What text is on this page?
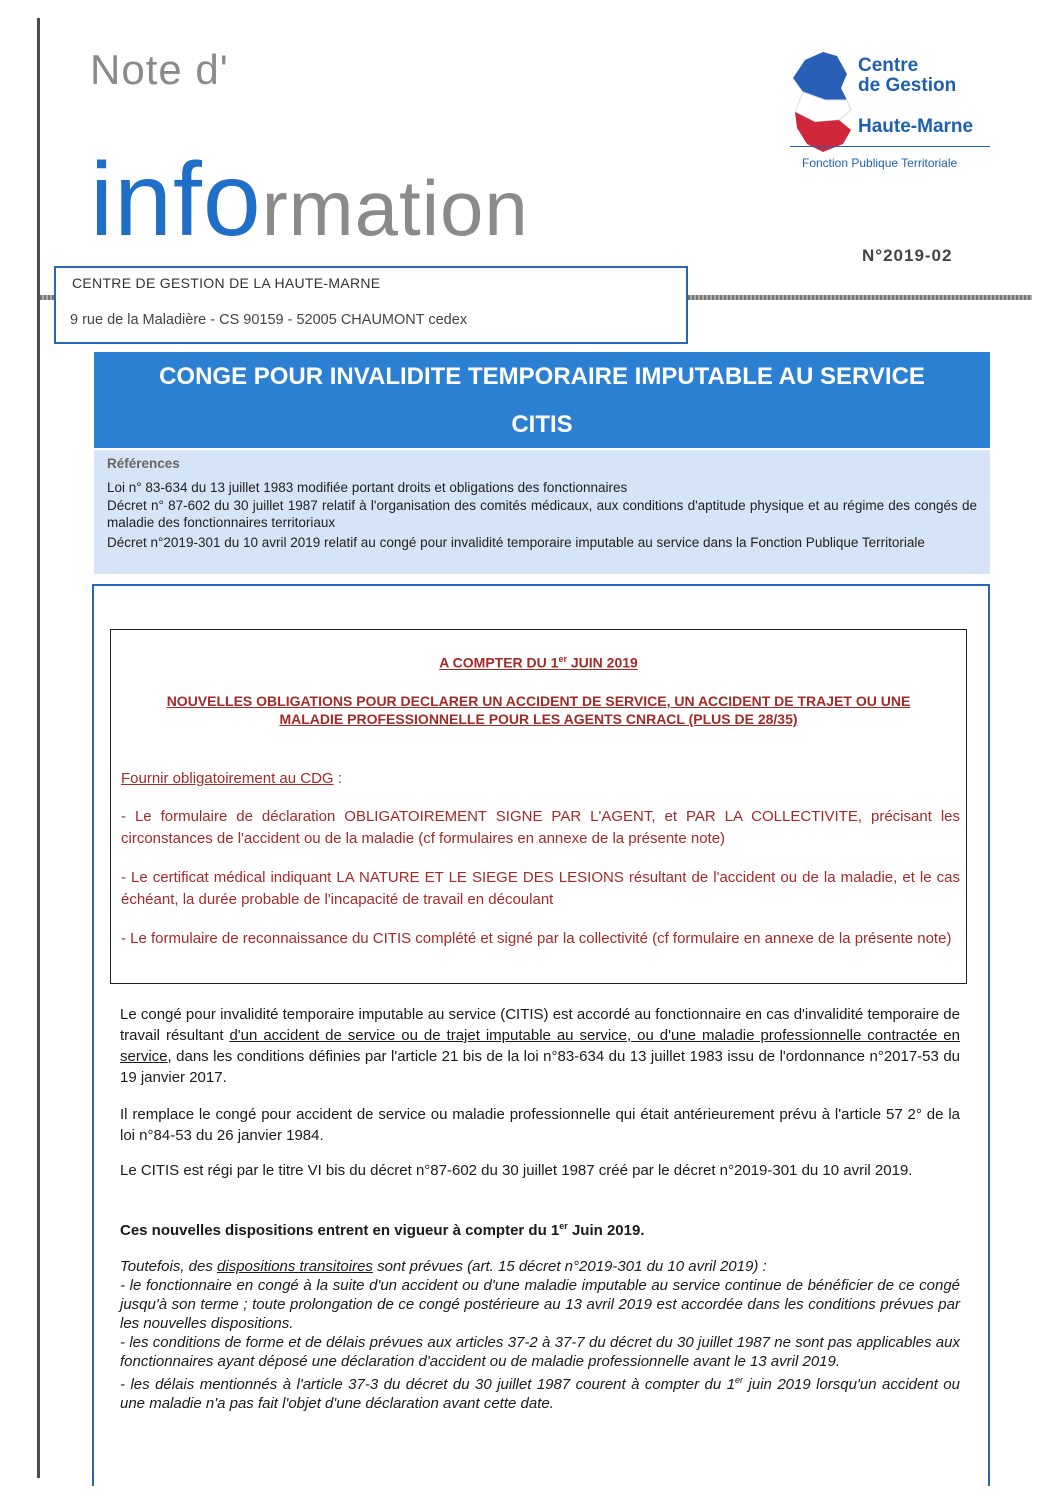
Note d'
information
Centre
de Gestion
Haute-Marne
Fonction Publique Territoriale
N°2019-02
CENTRE DE GESTION DE LA HAUTE-MARNE
9 rue de la Maladière - CS 90159 - 52005 CHAUMONT cedex
CONGE POUR INVALIDITE TEMPORAIRE IMPUTABLE AU SERVICE
CITIS

Références

Loi n° 83-634 du 13 juillet 1983 modifiée portant droits et obligations des fonctionnaires

Décret n° 87-602 du 30 juillet 1987 relatif à l'organisation des comités médicaux, aux conditions d'aptitude physique et au régime des congés de maladie des fonctionnaires territoriaux

Décret n°2019-301 du 10 avril 2019 relatif au congé pour invalidité temporaire imputable au service dans la Fonction Publique Territoriale

A COMPTER DU 1er JUIN 2019
NOUVELLES OBLIGATIONS POUR DECLARER UN ACCIDENT DE SERVICE, UN ACCIDENT DE TRAJET OU UNE MALADIE PROFESSIONNELLE POUR LES AGENTS CNRACL (PLUS DE 28/35)

Fournir obligatoirement au CDG :

- Le formulaire de déclaration OBLIGATOIREMENT SIGNE PAR L'AGENT, et PAR LA COLLECTIVITE, précisant les circonstances de l'accident ou de la maladie (cf formulaires en annexe de la présente note)

- Le certificat médical indiquant LA NATURE ET LE SIEGE DES LESIONS résultant de l'accident ou de la maladie, et le cas échéant, la durée probable de l'incapacité de travail en découlant

- Le formulaire de reconnaissance du CITIS complété et signé par la collectivité (cf formulaire en annexe de la présente note)

Le congé pour invalidité temporaire imputable au service (CITIS) est accordé au fonctionnaire en cas d'invalidité temporaire de travail résultant d'un accident de service ou de trajet imputable au service, ou d'une maladie professionnelle contractée en service, dans les conditions définies par l'article 21 bis de la loi n°83-634 du 13 juillet 1983 issu de l'ordonnance n°2017-53 du 19 janvier 2017.

Il remplace le congé pour accident de service ou maladie professionnelle qui était antérieurement prévu à l'article 57 2° de la loi n°84-53 du 26 janvier 1984.

Le CITIS est régi par le titre VI bis du décret n°87-602 du 30 juillet 1987 créé par le décret n°2019-301 du 10 avril 2019.

Ces nouvelles dispositions entrent en vigueur à compter du 1er Juin 2019.

Toutefois, des dispositions transitoires sont prévues (art. 15 décret n°2019-301 du 10 avril 2019) :
- le fonctionnaire en congé à la suite d'un accident ou d'une maladie imputable au service continue de bénéficier de ce congé jusqu'à son terme ; toute prolongation de ce congé postérieure au 13 avril 2019 est accordée dans les conditions prévues par les nouvelles dispositions.
- les conditions de forme et de délais prévues aux articles 37-2 à 37-7 du décret du 30 juillet 1987 ne sont pas applicables aux fonctionnaires ayant déposé une déclaration d'accident ou de maladie professionnelle avant le 13 avril 2019.
- les délais mentionnés à l'article 37-3 du décret du 30 juillet 1987 courent à compter du 1er juin 2019 lorsqu'un accident ou une maladie n'a pas fait l'objet d'une déclaration avant cette date.
